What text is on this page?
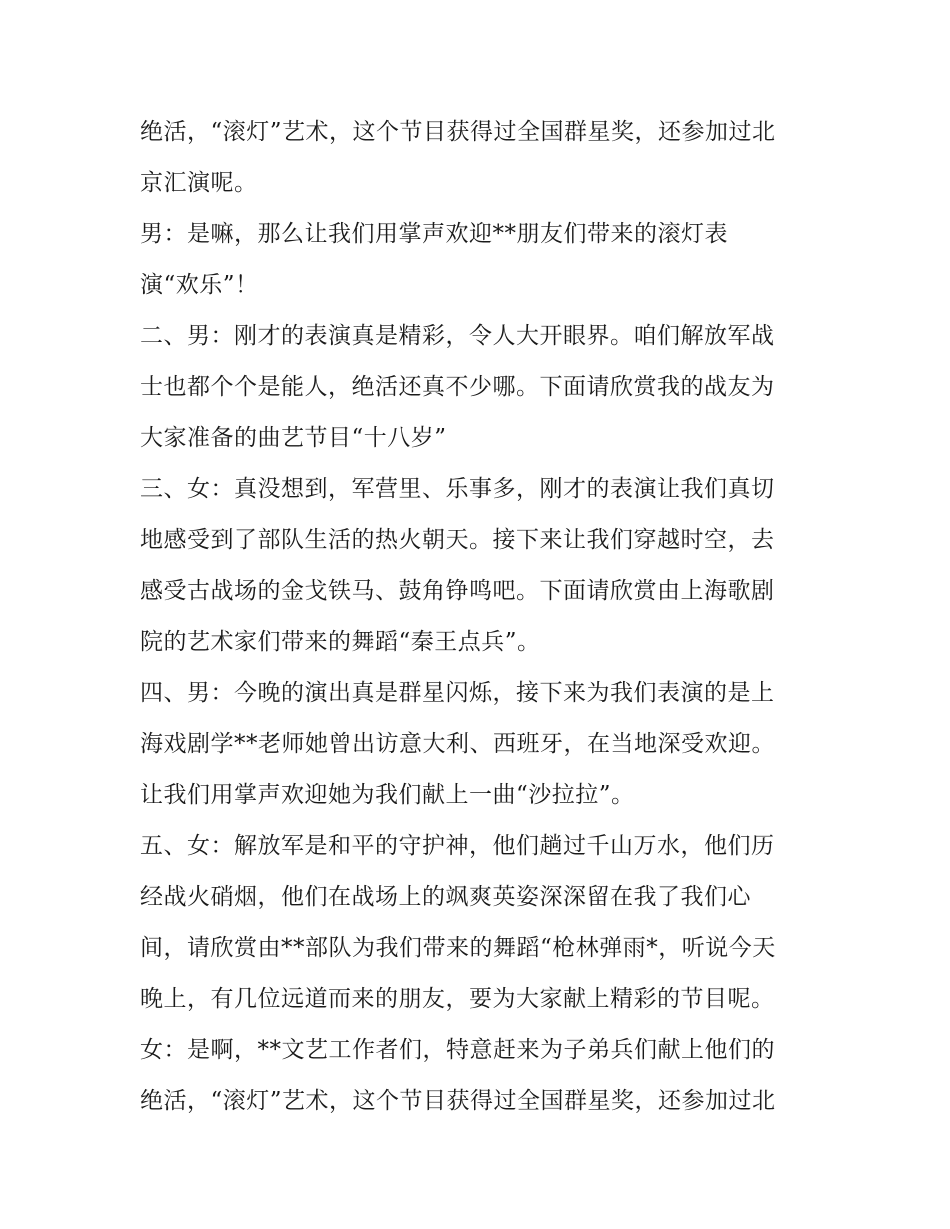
绝活，“滚灯”艺术，这个节目获得过全国群星奖，还参加过北
京汇演呢。
男：是嘛，那么让我们用掌声欢迎**朋友们带来的滚灯表
演“欢乐”！
二、男：刚才的表演真是精彩，令人大开眼界。咱们解放军战
士也都个个是能人，绝活还真不少哪。下面请欣赏我的战友为
大家准备的曲艺节目“十八岁”
三、女：真没想到，军营里、乐事多，刚才的表演让我们真切
地感受到了部队生活的热火朝天。接下来让我们穿越时空，去
感受古战场的金戈铁马、鼓角铮鸣吧。下面请欣赏由上海歌剧
院的艺术家们带来的舞蹈“秦王点兵”。
四、男：今晚的演出真是群星闪烁，接下来为我们表演的是上
海戏剧学**老师她曾出访意大利、西班牙，在当地深受欢迎。
让我们用掌声欢迎她为我们献上一曲“沙拉拉”。
五、女：解放军是和平的守护神，他们趟过千山万水，他们历
经战火硝烟，他们在战场上的飒爽英姿深深留在我了我们心
间，请欣赏由**部队为我们带来的舞蹈“枪林弹雨*，听说今天
晚上，有几位远道而来的朋友，要为大家献上精彩的节目呢。
女：是啊，**文艺工作者们，特意赶来为子弟兵们献上他们的
绝活，“滚灯”艺术，这个节目获得过全国群星奖，还参加过北
